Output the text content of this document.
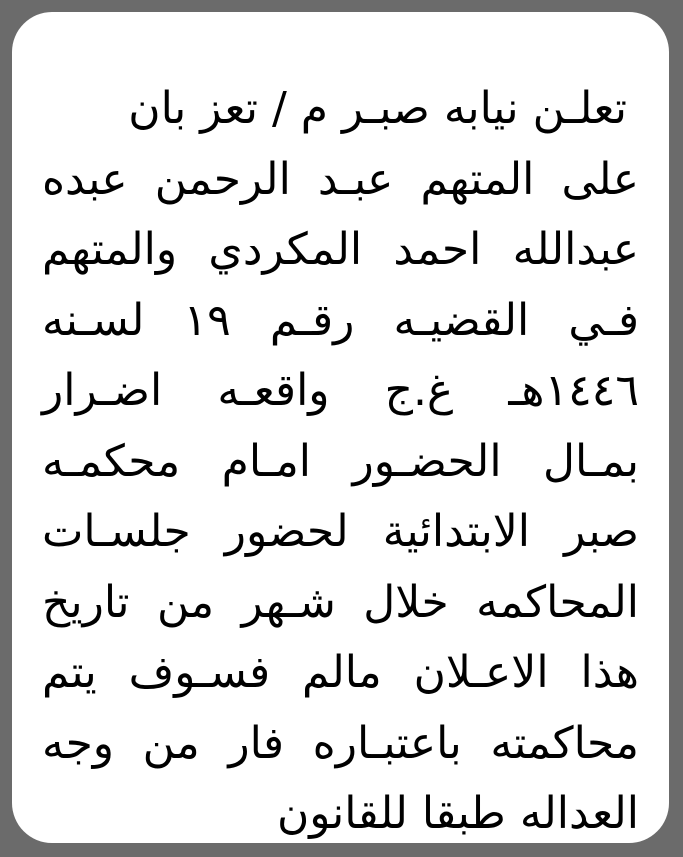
تعلـن نيابه صبـر م / تعز بان
على المتهم عبـد الرحمن عبده
عبدالله احمد المكردي والمتهم
فـي القضيـه رقـم ١٩ لسـنه
١٤٤٦هـ غ.ج واقعـه اضـرار
بمـال الحضـور امـام محكمـه
صبر الابتدائية لحضور جلسـات
المحاكمه خلال شـهر من تاريخ
هذا الاعـلان مالم فسـوف يتم
محاكمته باعتبـاره فار من وجه
العداله طبقا للقانون
